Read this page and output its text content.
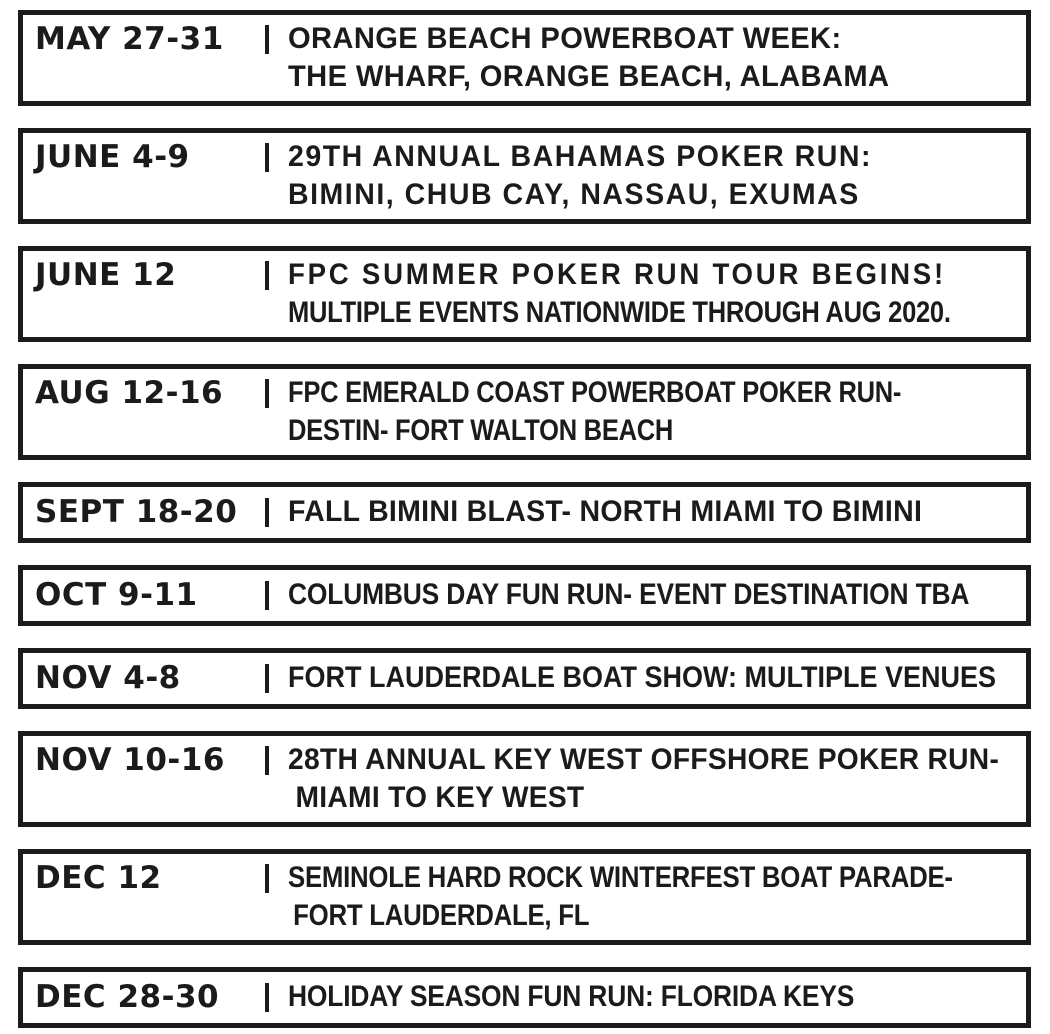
MAY 27-31	ORANGE BEACH POWERBOAT WEEK:
THE WHARF, ORANGE BEACH, ALABAMA
JUNE 4-9	29TH ANNUAL BAHAMAS POKER RUN:
BIMINI, CHUB CAY, NASSAU, EXUMAS
JUNE 12	FPC SUMMER POKER RUN TOUR BEGINS!
MULTIPLE EVENTS NATIONWIDE THROUGH AUG 2020.
AUG 12-16	FPC EMERALD COAST POWERBOAT POKER RUN-
DESTIN- FORT WALTON BEACH
SEPT 18-20	FALL BIMINI BLAST- NORTH MIAMI TO BIMINI
OCT 9-11	COLUMBUS DAY FUN RUN- EVENT DESTINATION TBA
NOV 4-8	FORT LAUDERDALE BOAT SHOW: MULTIPLE VENUES
NOV 10-16	28TH ANNUAL KEY WEST OFFSHORE POKER RUN-
MIAMI TO KEY WEST
DEC 12	SEMINOLE HARD ROCK WINTERFEST BOAT PARADE-
FORT LAUDERDALE, FL
DEC 28-30	HOLIDAY SEASON FUN RUN: FLORIDA KEYS
